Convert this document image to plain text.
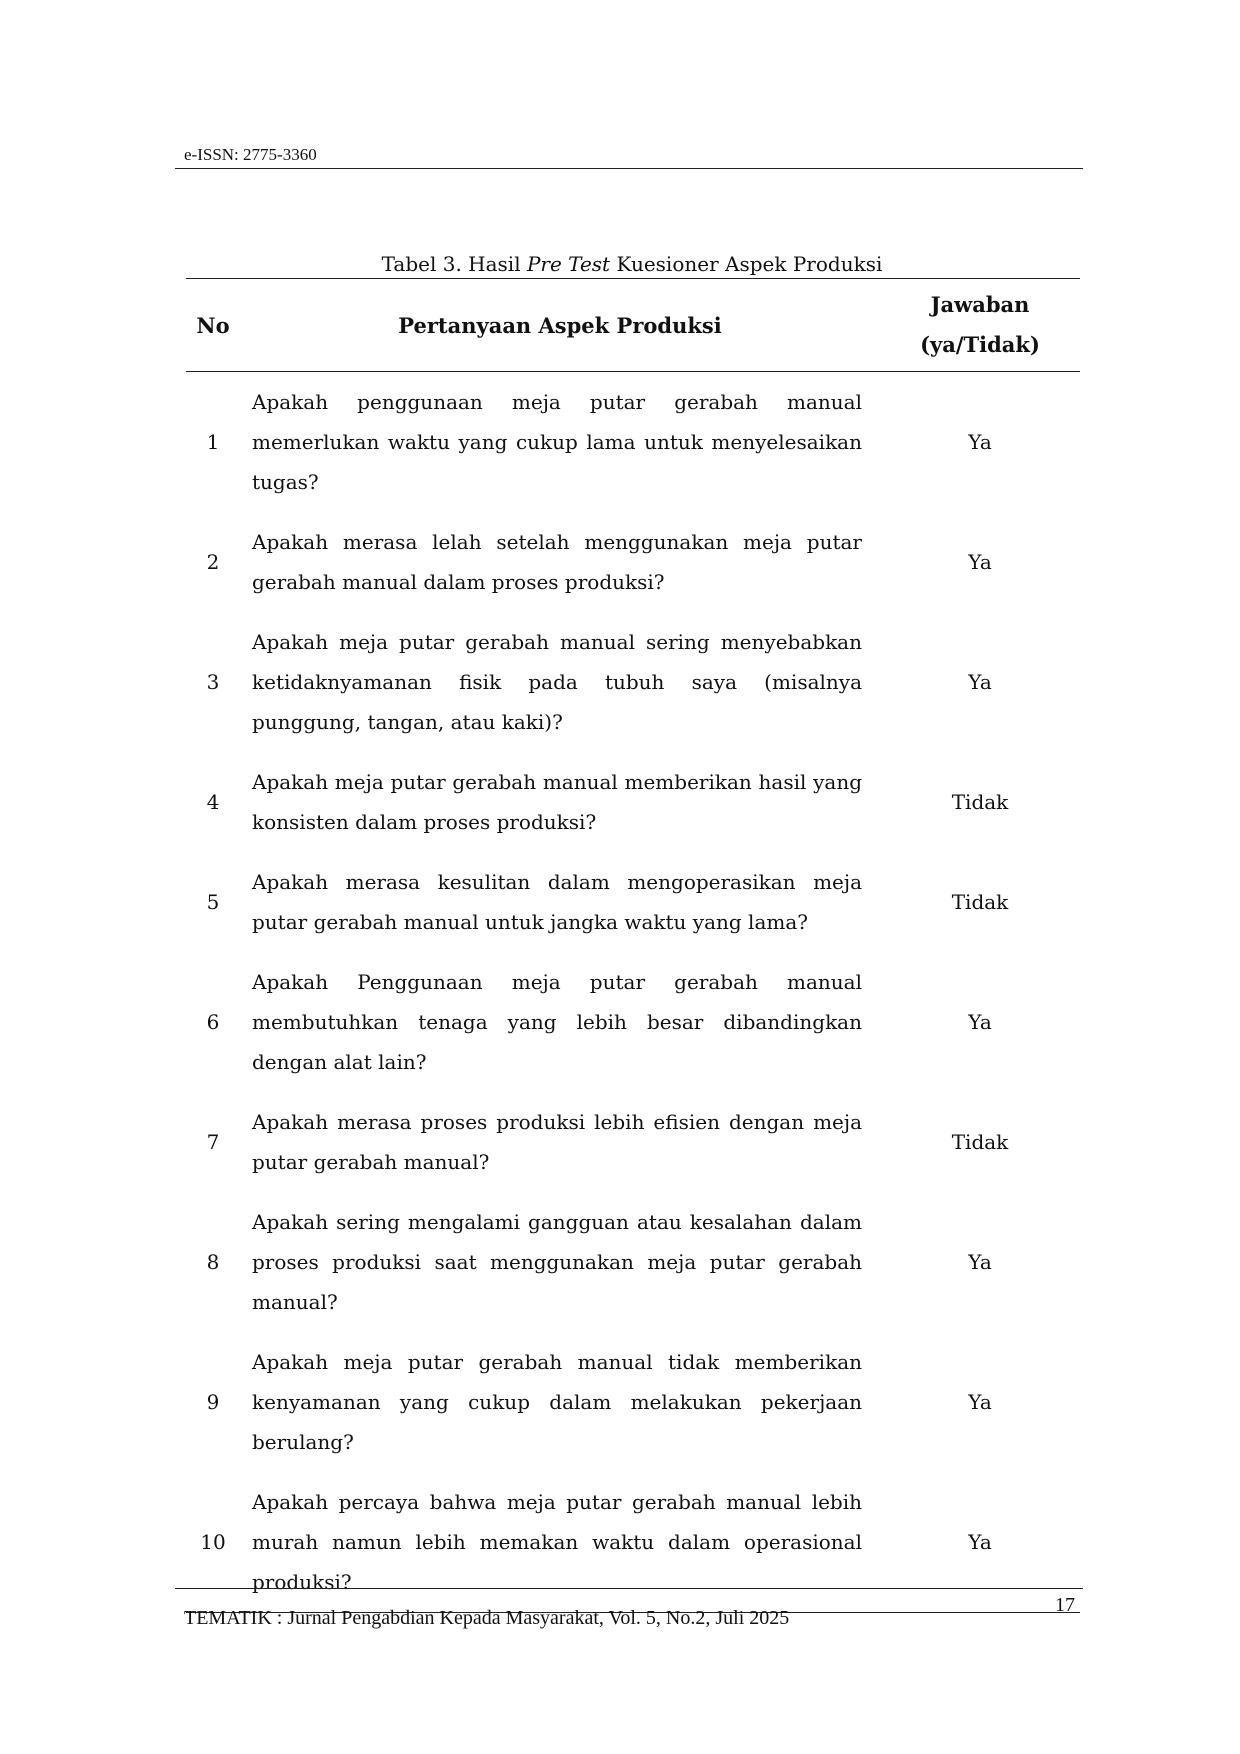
e-ISSN: 2775-3360
Tabel 3. Hasil Pre Test Kuesioner Aspek Produksi
No	Pertanyaan Aspek Produksi	Jawaban
(ya/Tidak)
1	Apakah penggunaan meja putar gerabah manual memerlukan waktu yang cukup lama untuk menyelesaikan tugas?	Ya
2	Apakah merasa lelah setelah menggunakan meja putar gerabah manual dalam proses produksi?	Ya
3	Apakah meja putar gerabah manual sering menyebabkan ketidaknyamanan fisik pada tubuh saya (misalnya punggung, tangan, atau kaki)?	Ya
4	Apakah meja putar gerabah manual memberikan hasil yang konsisten dalam proses produksi?	Tidak
5	Apakah merasa kesulitan dalam mengoperasikan meja putar gerabah manual untuk jangka waktu yang lama?	Tidak
6	Apakah Penggunaan meja putar gerabah manual membutuhkan tenaga yang lebih besar dibandingkan dengan alat lain?	Ya
7	Apakah merasa proses produksi lebih efisien dengan meja putar gerabah manual?	Tidak
8	Apakah sering mengalami gangguan atau kesalahan dalam proses produksi saat menggunakan meja putar gerabah manual?	Ya
9	Apakah meja putar gerabah manual tidak memberikan kenyamanan yang cukup dalam melakukan pekerjaan berulang?	Ya
10	Apakah percaya bahwa meja putar gerabah manual lebih murah namun lebih memakan waktu dalam operasional produksi?	Ya
TEMATIK : Jurnal Pengabdian Kepada Masyarakat, Vol. 5, No.2, Juli 2025
17
